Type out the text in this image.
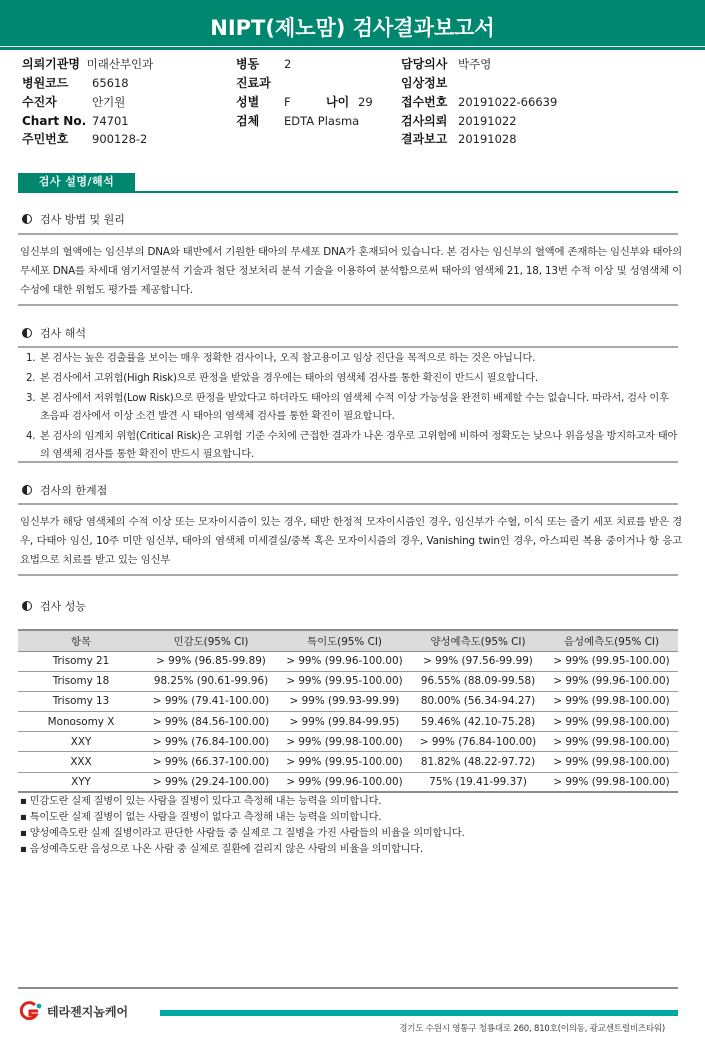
NIPT(제노맘) 검사결과보고서
의뢰기관명 미래산부인과
병원코드 65618
수진자	안기원
Chart No. 74701
주민번호 900128-2
병동 2
진료과
성별 F	나이 29
검체 EDTA Plasma
담당의사 박주영
임상정보
접수번호 20191022-66639
검사의뢰 20191022
결과보고 20191028
검사 설명/해석
검사 방법 및 원리
임신부의 혈액에는 임신부의 DNA와 태반에서 기원한 태아의 무세포 DNA가 혼재되어 있습니다. 본 검사는 임신부의 혈액에 존재하는 임신부와 태아의 무세포 DNA를 차세대 염기서열분석 기술과 첨단 정보처리 분석 기술을 이용하여 분석함으로써 태아의 염색체 21, 18, 13번 수적 이상 및 성염색체 이수성에 대한 위험도 평가를 제공합니다.
검사 해석
1. 본 검사는 높은 검출률을 보이는 매우 정확한 검사이나, 오직 참고용이고 임상 진단을 목적으로 하는 것은 아닙니다.
2. 본 검사에서 고위험(High Risk)으로 판정을 받았을 경우에는 태아의 염색체 검사를 통한 확진이 반드시 필요합니다.
3. 본 검사에서 저위험(Low Risk)으로 판정을 받았다고 하더라도 태아의 염색체 수적 이상 가능성을 완전히 배제할 수는 없습니다. 따라서, 검사 이후 초음파 검사에서 이상 소견 발견 시 태아의 염색체 검사를 통한 확진이 필요합니다.
4. 본 검사의 임계치 위험(Critical Risk)은 고위험 기준 수치에 근접한 결과가 나온 경우로 고위험에 비하여 정확도는 낮으나 위음성을 방지하고자 태아의 염색체 검사를 통한 확진이 반드시 필요합니다.
검사의 한계점
임신부가 해당 염색체의 수적 이상 또는 모자이시즘이 있는 경우, 태반 한정적 모자이시즘인 경우, 임신부가 수혈, 이식 또는 줄기 세포 치료를 받은 경우, 다태아 임신, 10주 미만 임신부, 태아의 염색체 미세결실/중복 혹은 모자이시즘의 경우, Vanishing twin인 경우, 아스피린 복용 중이거나 항 응고 요법으로 치료를 받고 있는 임신부
검사 성능
항목	민감도(95% CI)	특이도(95% CI)	양성예측도(95% CI)	음성예측도(95% CI)
Trisomy 21	> 99% (96.85-99.89)	> 99% (99.96-100.00)	> 99% (97.56-99.99)	> 99% (99.95-100.00)
Trisomy 18	98.25% (90.61-99.96)	> 99% (99.95-100.00)	96.55% (88.09-99.58)	> 99% (99.96-100.00)
Trisomy 13	> 99% (79.41-100.00)	> 99% (99.93-99.99)	80.00% (56.34-94.27)	> 99% (99.98-100.00)
Monosomy X	> 99% (84.56-100.00)	> 99% (99.84-99.95)	59.46% (42.10-75.28)	> 99% (99.98-100.00)
XXY	> 99% (76.84-100.00)	> 99% (99.98-100.00)	> 99% (76.84-100.00)	> 99% (99.98-100.00)
XXX	> 99% (66.37-100.00)	> 99% (99.95-100.00)	81.82% (48.22-97.72)	> 99% (99.98-100.00)
XYY	> 99% (29.24-100.00)	> 99% (99.96-100.00)	75% (19.41-99.37)	> 99% (99.98-100.00)
▪ 민감도란 실제 질병이 있는 사람을 질병이 있다고 측정해 내는 능력을 의미합니다.
▪ 특이도란 실제 질병이 없는 사람을 질병이 없다고 측정해 내는 능력을 의미합니다.
▪ 양성예측도란 실제 질병이라고 판단한 사람들 중 실제로 그 질병을 가진 사람들의 비율을 의미합니다.
▪ 음성예측도란 음성으로 나온 사람 중 실제로 질환에 걸리지 않은 사람의 비율을 의미합니다.
테라젠지놈케어
경기도 수원시 영통구 청룡대로 260, 810호(이의동, 광교센트럴비즈타워)
